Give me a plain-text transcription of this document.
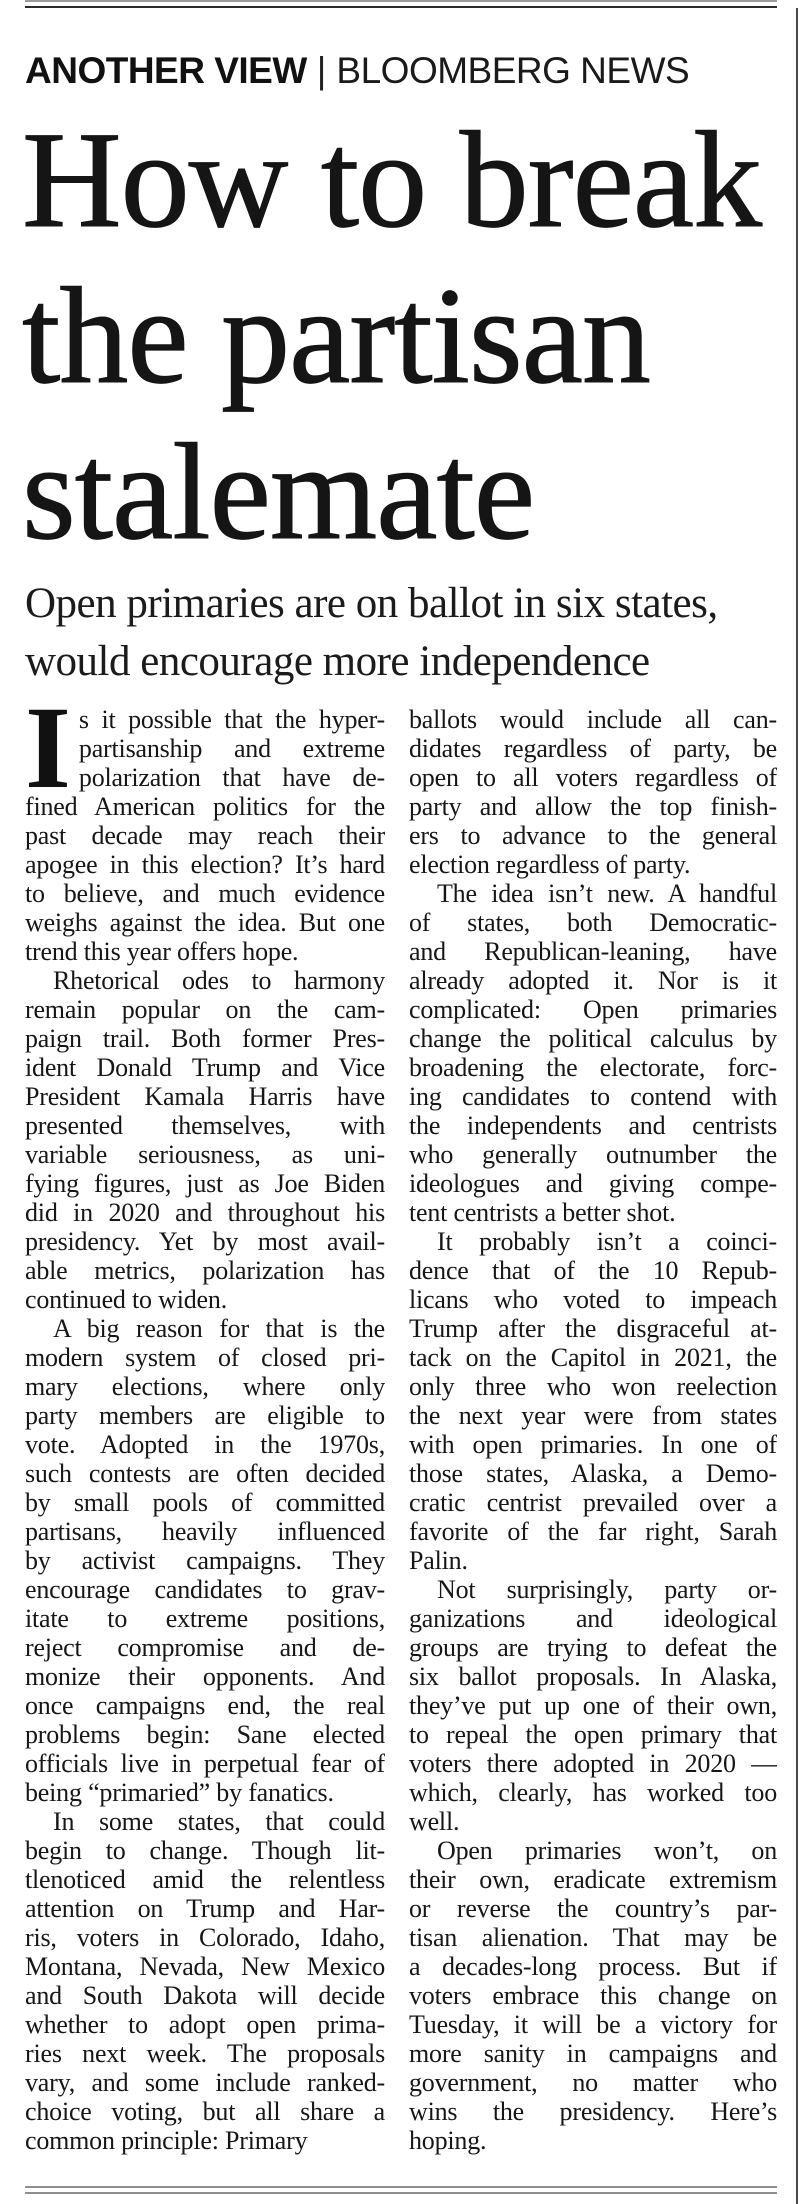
ANOTHER VIEW | BLOOMBERG NEWS
How to break
the partisan
stalemate
Open primaries are on ballot in six states,
would encourage more independence
I s it possible that the hyper-
partisanship and extreme
polarization that have de-
fined American politics for the
past decade may reach their
apogee in this election? It’s hard
to believe, and much evidence
weighs against the idea. But one
trend this year offers hope.
Rhetorical odes to harmony
remain popular on the cam-
paign trail. Both former Pres-
ident Donald Trump and Vice
President Kamala Harris have
presented themselves, with
variable seriousness, as uni-
fying figures, just as Joe Biden
did in 2020 and throughout his
presidency. Yet by most avail-
able metrics, polarization has
continued to widen.
A big reason for that is the
modern system of closed pri-
mary elections, where only
party members are eligible to
vote. Adopted in the 1970s,
such contests are often decided
by small pools of committed
partisans, heavily influenced
by activist campaigns. They
encourage candidates to grav-
itate to extreme positions,
reject compromise and de-
monize their opponents. And
once campaigns end, the real
problems begin: Sane elected
officials live in perpetual fear of
being “primaried” by fanatics.
In some states, that could
begin to change. Though lit-
tlenoticed amid the relentless
attention on Trump and Har-
ris, voters in Colorado, Idaho,
Montana, Nevada, New Mexico
and South Dakota will decide
whether to adopt open prima-
ries next week. The proposals
vary, and some include ranked-
choice voting, but all share a
common principle: Primary
ballots would include all can-
didates regardless of party, be
open to all voters regardless of
party and allow the top finish-
ers to advance to the general
election regardless of party.
The idea isn’t new. A handful
of states, both Democratic-
and Republican-leaning, have
already adopted it. Nor is it
complicated: Open primaries
change the political calculus by
broadening the electorate, forc-
ing candidates to contend with
the independents and centrists
who generally outnumber the
ideologues and giving compe-
tent centrists a better shot.
It probably isn’t a coinci-
dence that of the 10 Repub-
licans who voted to impeach
Trump after the disgraceful at-
tack on the Capitol in 2021, the
only three who won reelection
the next year were from states
with open primaries. In one of
those states, Alaska, a Demo-
cratic centrist prevailed over a
favorite of the far right, Sarah
Palin.
Not surprisingly, party or-
ganizations and ideological
groups are trying to defeat the
six ballot proposals. In Alaska,
they’ve put up one of their own,
to repeal the open primary that
voters there adopted in 2020 —
which, clearly, has worked too
well.
Open primaries won’t, on
their own, eradicate extremism
or reverse the country’s par-
tisan alienation. That may be
a decades-long process. But if
voters embrace this change on
Tuesday, it will be a victory for
more sanity in campaigns and
government, no matter who
wins the presidency. Here’s
hoping.
